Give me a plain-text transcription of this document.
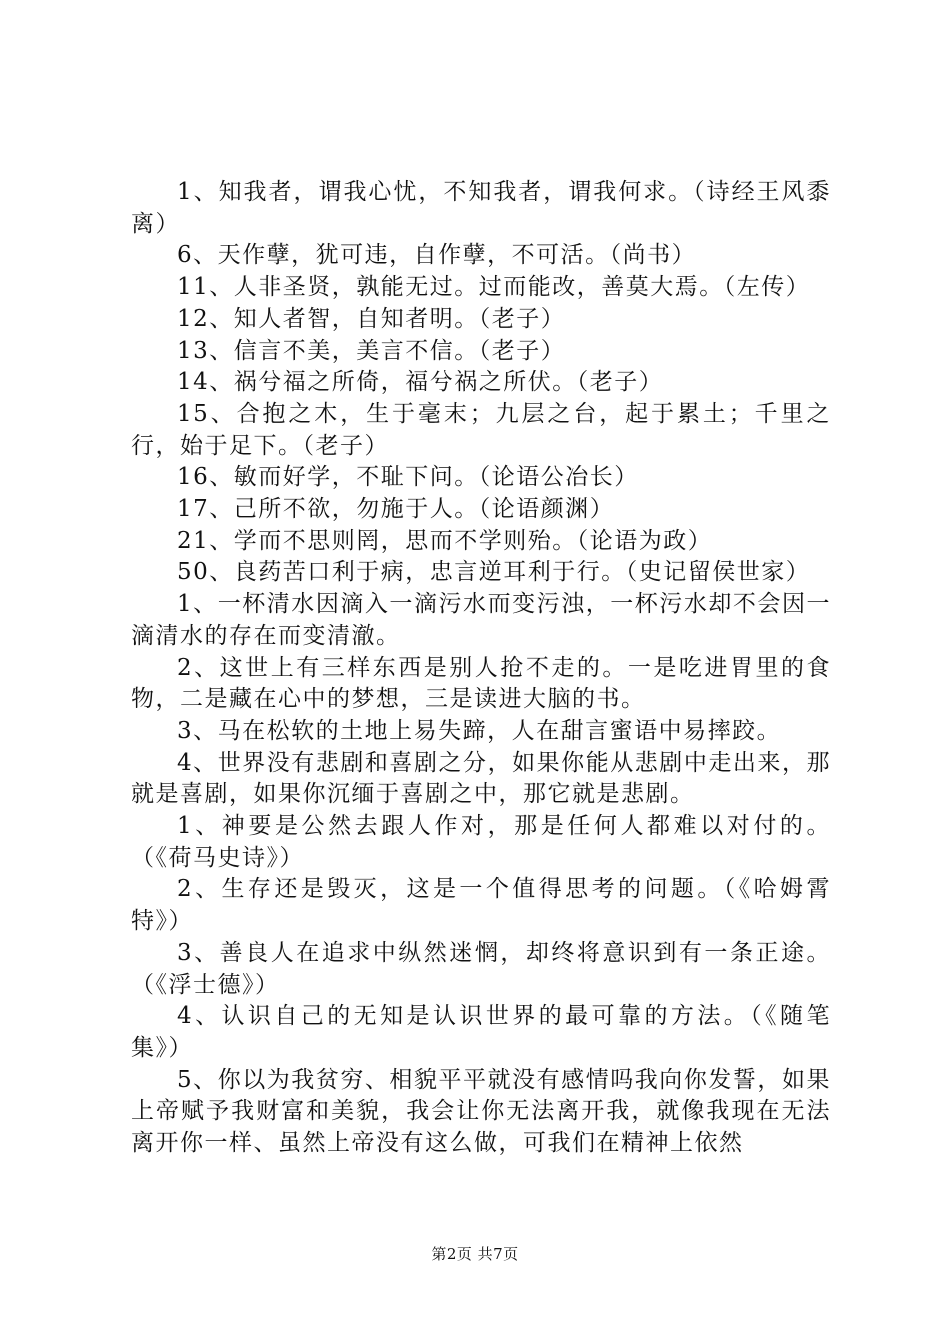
1、知我者，谓我心忧，不知我者，谓我何求。（诗经王风黍离）

6、天作孽，犹可违，自作孽，不可活。（尚书）

11、人非圣贤，孰能无过。过而能改，善莫大焉。（左传）

12、知人者智，自知者明。（老子）

13、信言不美，美言不信。（老子）

14、祸兮福之所倚，福兮祸之所伏。（老子）

15、合抱之木，生于毫末；九层之台，起于累土；千里之行，始于足下。（老子）

16、敏而好学，不耻下问。（论语公冶长）

17、己所不欲，勿施于人。（论语颜渊）

21、学而不思则罔，思而不学则殆。（论语为政）

50、良药苦口利于病，忠言逆耳利于行。（史记留侯世家）

1、一杯清水因滴入一滴污水而变污浊，一杯污水却不会因一滴清水的存在而变清澈。

2、这世上有三样东西是别人抢不走的。一是吃进胃里的食物，二是藏在心中的梦想，三是读进大脑的书。

3、马在松软的土地上易失蹄，人在甜言蜜语中易摔跤。

4、世界没有悲剧和喜剧之分，如果你能从悲剧中走出来，那就是喜剧，如果你沉缅于喜剧之中，那它就是悲剧。

1、神要是公然去跟人作对，那是任何人都难以对付的。（《荷马史诗》）

2、生存还是毁灭，这是一个值得思考的问题。（《哈姆霄特》）

3、善良人在追求中纵然迷惘，却终将意识到有一条正途。（《浮士德》）

4、认识自己的无知是认识世界的最可靠的方法。（《随笔集》）

5、你以为我贫穷、相貌平平就没有感情吗我向你发誓，如果上帝赋予我财富和美貌，我会让你无法离开我，就像我现在无法离开你一样、虽然上帝没有这么做，可我们在精神上依然

第2页 共7页
